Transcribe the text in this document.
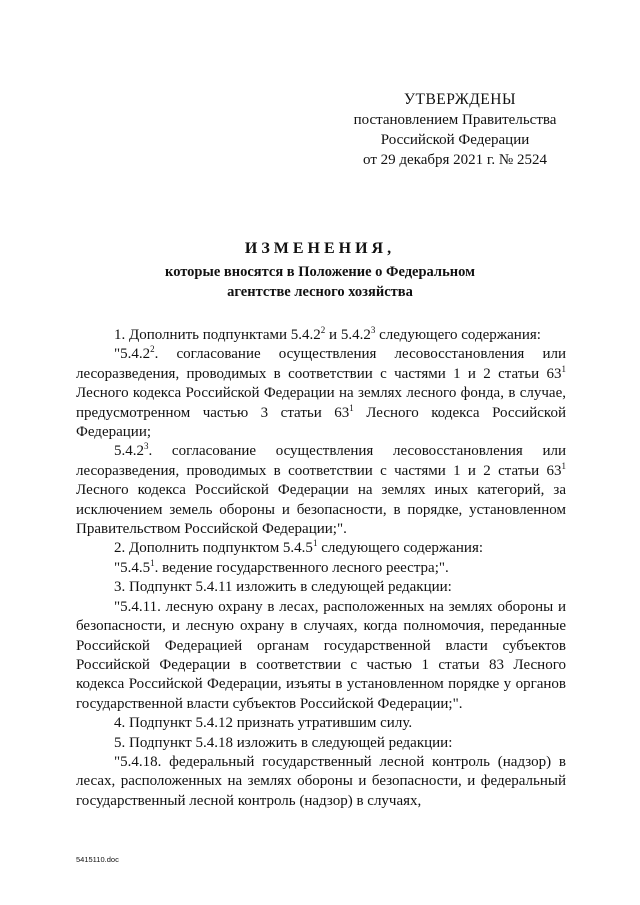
УТВЕРЖДЕНЫ
постановлением Правительства
Российской Федерации
от 29 декабря 2021 г. № 2524
ИЗМЕНЕНИЯ,
которые вносятся в Положение о Федеральном
агентстве лесного хозяйства

1. Дополнить подпунктами 5.4.2$^2$ и 5.4.2$^3$ следующего содержания:

"5.4.2$^2$. согласование осуществления лесовосстановления или лесоразведения, проводимых в соответствии с частями 1 и 2 статьи $63^1$ Лесного кодекса Российской Федерации на землях лесного фонда, в случае, предусмотренном частью 3 статьи $63^1$ Лесного кодекса Российской Федерации;

5.4.2$^3$. согласование осуществления лесовосстановления или лесоразведения, проводимых в соответствии с частями 1 и 2 статьи $63^1$ Лесного кодекса Российской Федерации на землях иных категорий, за исключением земель обороны и безопасности, в порядке, установленном Правительством Российской Федерации;".

2. Дополнить подпунктом 5.4.5$^1$ следующего содержания:

"5.4.5$^1$. ведение государственного лесного реестра;".

3. Подпункт 5.4.11 изложить в следующей редакции:

"5.4.11. лесную охрану в лесах, расположенных на землях обороны и безопасности, и лесную охрану в случаях, когда полномочия, переданные Российской Федерацией органам государственной власти субъектов Российской Федерации в соответствии с частью 1 статьи 83 Лесного кодекса Российской Федерации, изъяты в установленном порядке у органов государственной власти субъектов Российской Федерации;".

4. Подпункт 5.4.12 признать утратившим силу.

5. Подпункт 5.4.18 изложить в следующей редакции:

"5.4.18. федеральный государственный лесной контроль (надзор) в лесах, расположенных на землях обороны и безопасности, и федеральный государственный лесной контроль (надзор) в случаях,

5415110.doc
